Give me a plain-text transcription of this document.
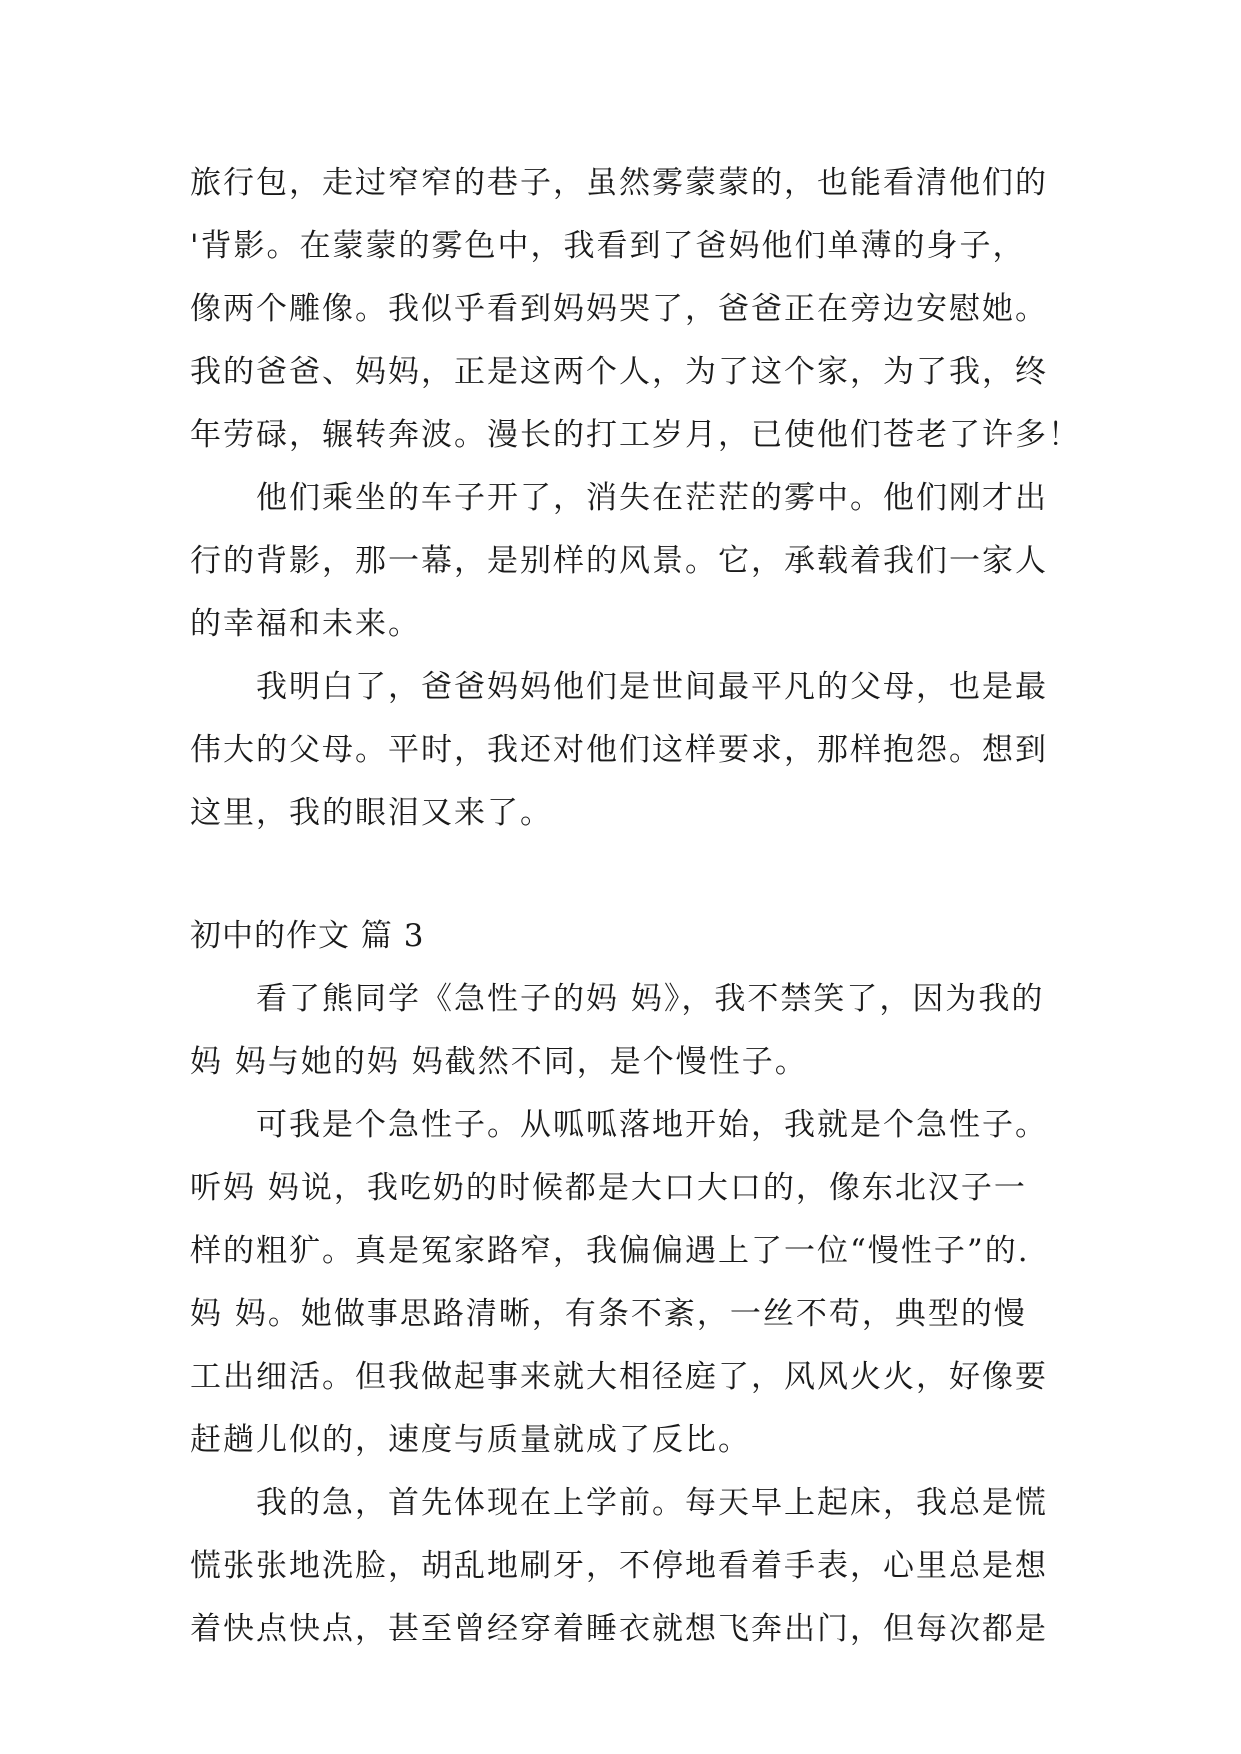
旅行包，走过窄窄的巷子，虽然雾蒙蒙的，也能看清他们的
'背影。在蒙蒙的雾色中，我看到了爸妈他们单薄的身子，
像两个雕像。我似乎看到妈妈哭了，爸爸正在旁边安慰她。
我的爸爸、妈妈，正是这两个人，为了这个家，为了我，终
年劳碌，辗转奔波。漫长的打工岁月，已使他们苍老了许多！

　　他们乘坐的车子开了，消失在茫茫的雾中。他们刚才出
行的背影，那一幕，是别样的风景。它，承载着我们一家人
的幸福和未来。

　　我明白了，爸爸妈妈他们是世间最平凡的父母，也是最
伟大的父母。平时，我还对他们这样要求，那样抱怨。想到
这里，我的眼泪又来了。

初中的作文 篇 3

　　看了熊同学《急性子的妈 妈》，我不禁笑了，因为我的
妈 妈与她的妈 妈截然不同，是个慢性子。

　　可我是个急性子。从呱呱落地开始，我就是个急性子。
听妈 妈说，我吃奶的时候都是大口大口的，像东北汉子一
样的粗犷。真是冤家路窄，我偏偏遇上了一位“慢性子”的.
妈 妈。她做事思路清晰，有条不紊，一丝不苟，典型的慢
工出细活。但我做起事来就大相径庭了，风风火火，好像要
赶趟儿似的，速度与质量就成了反比。

　　我的急，首先体现在上学前。每天早上起床，我总是慌
慌张张地洗脸，胡乱地刷牙，不停地看着手表，心里总是想
着快点快点，甚至曾经穿着睡衣就想飞奔出门，但每次都是
